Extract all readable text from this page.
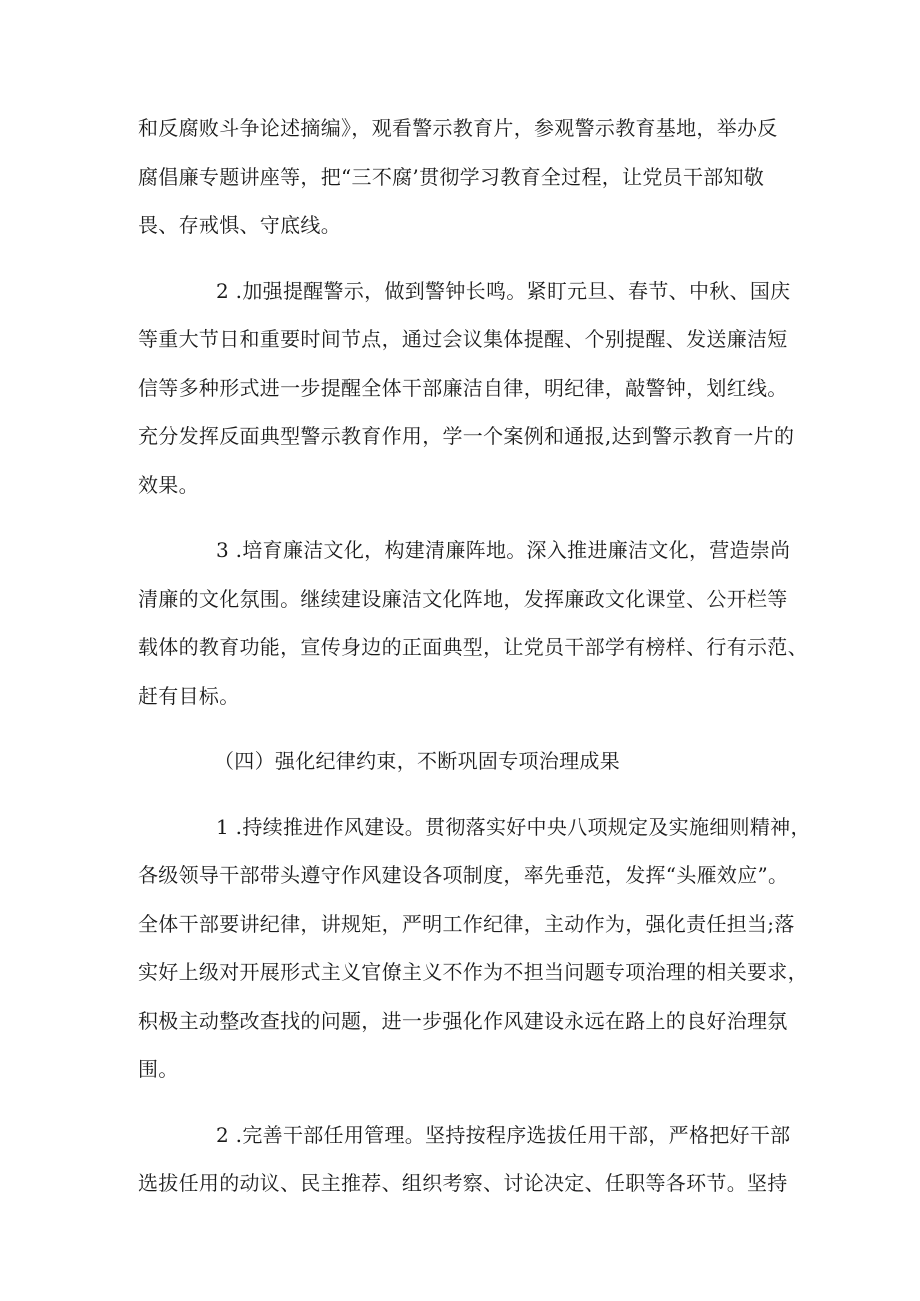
和反腐败斗争论述摘编》，观看警示教育片，参观警示教育基地，举办反
腐倡廉专题讲座等，把“三不腐’贯彻学习教育全过程，让党员干部知敬
畏、存戒惧、守底线。

2 .加强提醒警示，做到警钟长鸣。紧盯元旦、春节、中秋、国庆
等重大节日和重要时间节点，通过会议集体提醒、个别提醒、发送廉洁短
信等多种形式进一步提醒全体干部廉洁自律，明纪律，敲警钟，划红线。
充分发挥反面典型警示教育作用，学一个案例和通报,达到警示教育一片的
效果。

3 .培育廉洁文化，构建清廉阵地。深入推进廉洁文化，营造崇尚
清廉的文化氛围。继续建设廉洁文化阵地，发挥廉政文化课堂、公开栏等
载体的教育功能，宣传身边的正面典型，让党员干部学有榜样、行有示范、
赶有目标。

（四）强化纪律约束，不断巩固专项治理成果

1 .持续推进作风建设。贯彻落实好中央八项规定及实施细则精神，
各级领导干部带头遵守作风建设各项制度，率先垂范，发挥“头雁效应”。
全体干部要讲纪律，讲规矩，严明工作纪律，主动作为，强化责任担当;落
实好上级对开展形式主义官僚主义不作为不担当问题专项治理的相关要求，
积极主动整改查找的问题，进一步强化作风建设永远在路上的良好治理氛
围。

2 .完善干部任用管理。坚持按程序选拔任用干部，严格把好干部
选拔任用的动议、民主推荐、组织考察、讨论决定、任职等各环节。坚持
